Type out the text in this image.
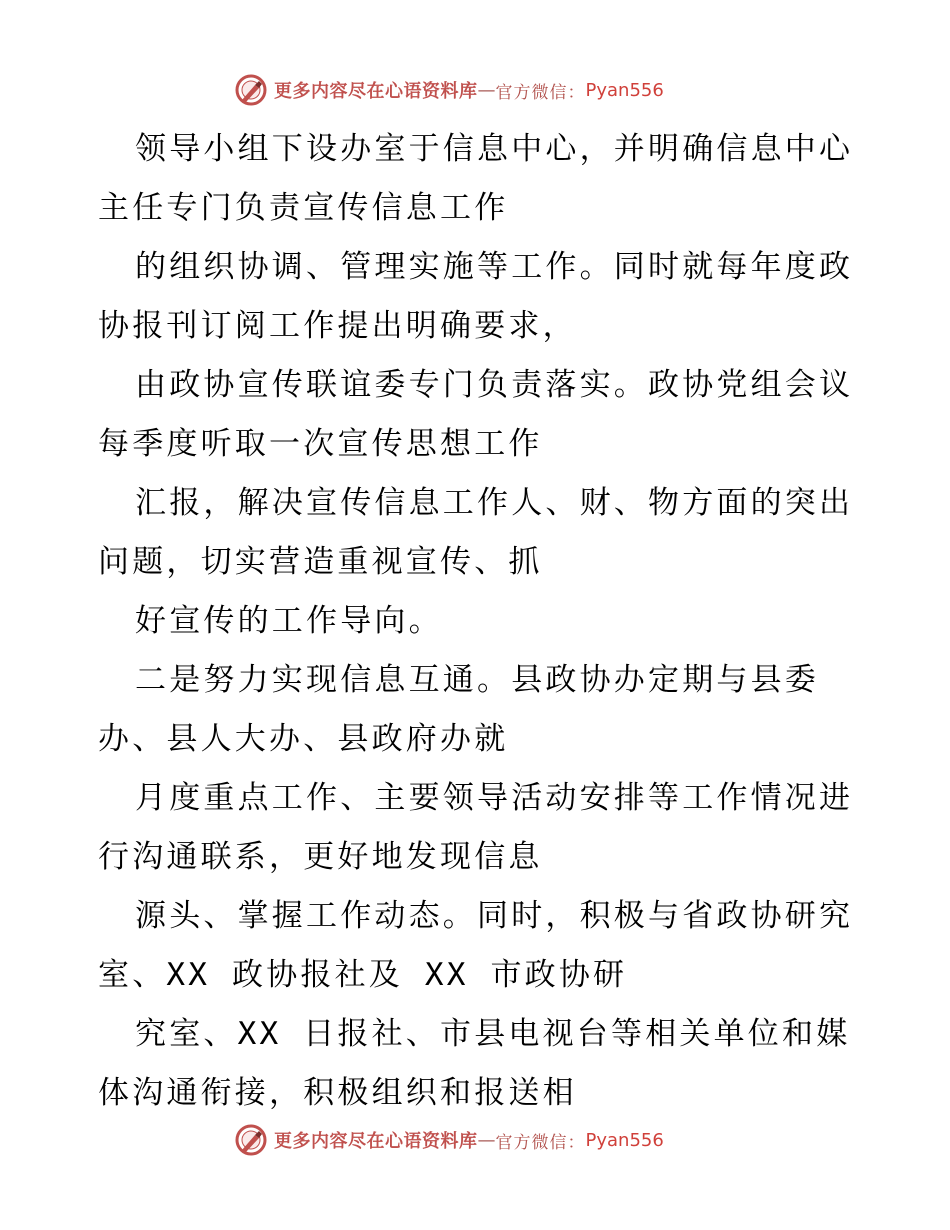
更多内容尽在心语资料库 — 官方微信： Pyan556
领导小组下设办室于信息中心，并明确信息中心
主任专门负责宣传信息工作
的组织协调、管理实施等工作。同时就每年度政
协报刊订阅工作提出明确要求，
由政协宣传联谊委专门负责落实。政协党组会议
每季度听取一次宣传思想工作
汇报，解决宣传信息工作人、财、物方面的突出
问题，切实营造重视宣传、抓
好宣传的工作导向。
二是努力实现信息互通。县政协办定期与县委
办、县人大办、县政府办就
月度重点工作、主要领导活动安排等工作情况进
行沟通联系，更好地发现信息
源头、掌握工作动态。同时，积极与省政协研究
室、XX 政协报社及 XX 市政协研
究室、XX 日报社、市县电视台等相关单位和媒
体沟通衔接，积极组织和报送相
更多内容尽在心语资料库 — 官方微信： Pyan556
